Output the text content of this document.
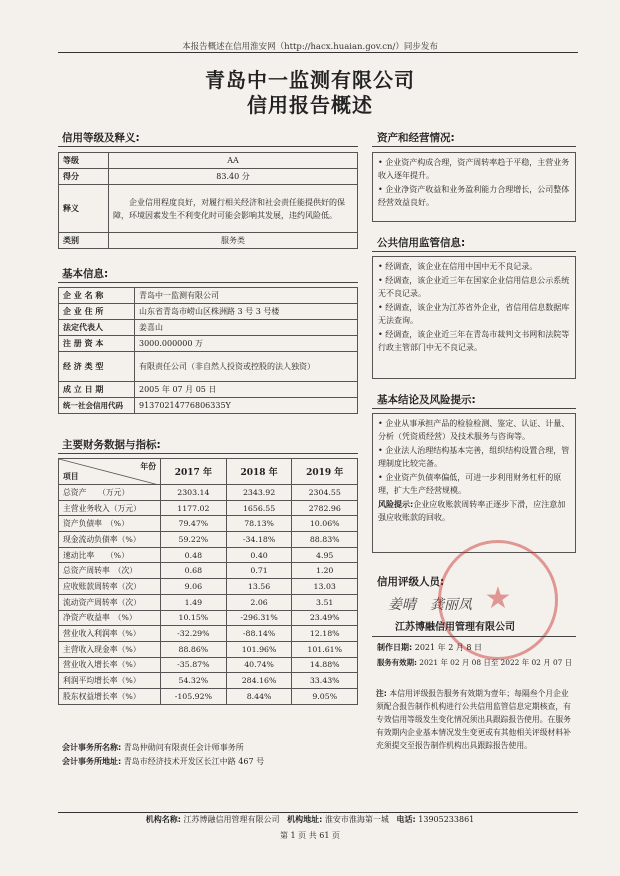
本报告概述在信用淮安网（http://hacx.huaian.gov.cn/）同步发布
青岛中一监测有限公司
信用报告概述
信用等级及释义:
等级	AA
得分	83.40 分
释义	企业信用程度良好，对履行相关经济和社会责任能提供好的保障，环境因素发生不利变化时可能会影响其发展，违约风险低。
类别	服务类
基本信息:
企 业 名 称	青岛中一监测有限公司
企 业 住 所	山东省青岛市崂山区株洲路 3 号 3 号楼
法定代表人	姜喜山
注 册 资 本	3000.000000 万
经 济 类 型	有限责任公司（非自然人投资或控股的法人独资）
成 立 日 期	2005 年 07 月 05 日
统一社会信用代码	91370214776806335Y
主要财务数据与指标:
年份
项目	2017 年	2018 年	2019 年
总资产　　（万元）	2303.14	2343.92	2304.55
主营业务收入（万元）	1177.02	1656.55	2782.96
资产负债率　（%）	79.47%	78.13%	10.06%
现金流动负债率（%）	59.22%	-34.18%	88.83%
速动比率　　（%）	0.48	0.40	4.95
总资产周转率　（次）	0.68	0.71	1.20
应收账款周转率（次）	9.06	13.56	13.03
流动资产周转率（次）	1.49	2.06	3.51
净资产收益率　（%）	10.15%	-296.31%	23.49%
营业收入利润率（%）	-32.29%	-88.14%	12.18%
主营收入现金率（%）	88.86%	101.96%	101.61%
营业收入增长率（%）	-35.87%	40.74%	14.88%
利润平均增长率（%）	54.32%	284.16%	33.43%
股东权益增长率（%）	-105.92%	8.44%	9.05%
会计事务所名称: 青岛仲勋问有限责任会计师事务所
会计事务所地址: 青岛市经济技术开发区长江中路 467 号
资产和经营情况:

• 企业资产构成合理，资产周转率趋于平稳，主营业务收入逐年提升。

• 企业净资产收益和业务盈利能力合理增长，公司整体经营效益良好。

公共信用监管信息:

• 经调查，该企业在信用中国中无不良记录。

• 经调查，该企业近三年在国家企业信用信息公示系统无不良记录。

• 经调查，该企业为江苏省外企业，省信用信息数据库无法查询。

• 经调查，该企业近三年在青岛市裁判文书网和法院等行政主管部门中无不良记录。

基本结论及风险提示:

• 企业从事承担产品的检验检测、鉴定、认证、计量、分析（凭资质经营）及技术服务与咨询等。

• 企业法人治理结构基本完善，组织结构设置合理，管理制度比较完备。

• 企业资产负债率偏低，可进一步利用财务杠杆的原理，扩大生产经营规模。

风险提示:企业应收账款周转率正逐步下滑，应注意加强应收账款的回收。

信用评级人员:
姜晴　龚丽凤 ★
江苏博融信用管理有限公司
制作日期: 2021 年 2 月 8 日
服务有效期: 2021 年 02 月 08 日至 2022 年 02 月 07 日
注: 本信用评级报告服务有效期为壹年；每隔叁个月企业须配合报告制作机构进行公共信用监管信息定期核查，有专效信用等级发生变化情况须出具跟踪报告使用。在服务有效期内企业基本情况发生变更或有其他相关评级材料补充须提交至报告制作机构出具跟踪报告使用。
机构名称: 江苏博融信用管理有限公司 机构地址: 淮安市淮海第一城 电话: 13905233861
第 1 页 共 61 页
